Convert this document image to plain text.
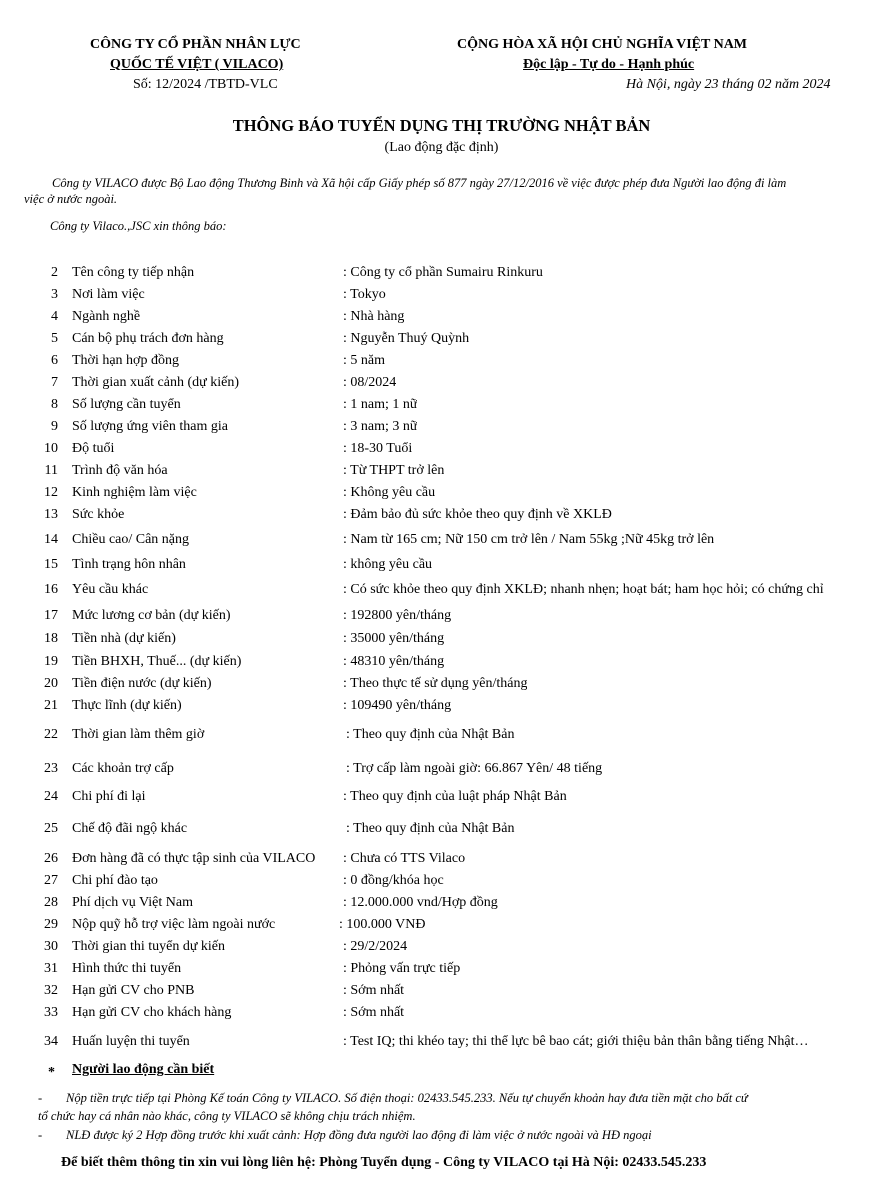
CÔNG TY CỔ PHẦN NHÂN LỰC
QUỐC TẾ VIỆT ( VILACO)
Số: 12/2024 /TBTD-VLC
CỘNG HÒA XÃ HỘI CHỦ NGHĨA VIỆT NAM
Độc lập - Tự do - Hạnh phúc
Hà Nội, ngày 23 tháng 02 năm 2024
THÔNG BÁO TUYỂN DỤNG THỊ TRƯỜNG NHẬT BẢN
(Lao động đặc định)
Công ty VILACO được Bộ Lao động Thương Binh và Xã hội cấp Giấy phép số 877 ngày 27/12/2016 về việc được phép đưa Người lao động đi làm
việc ở nước ngoài.
Công ty Vilaco.,JSC xin thông báo:
2 Tên công ty tiếp nhận	: Công ty cổ phần Sumairu Rinkuru
3 Nơi làm việc	: Tokyo
4 Ngành nghề	: Nhà hàng
5 Cán bộ phụ trách đơn hàng	: Nguyễn Thuý Quỳnh
6 Thời hạn hợp đồng	: 5 năm
7 Thời gian xuất cảnh (dự kiến)	: 08/2024
8 Số lượng cần tuyển	: 1 nam; 1 nữ
9 Số lượng ứng viên tham gia	: 3 nam; 3 nữ
10 Độ tuổi	: 18-30 Tuổi
11 Trình độ văn hóa	: Từ THPT trở lên
12 Kinh nghiệm làm việc	: Không yêu cầu
13 Sức khỏe	: Đảm bảo đủ sức khỏe theo quy định về XKLĐ
14 Chiều cao/ Cân nặng	: Nam từ 165 cm; Nữ 150 cm trở lên / Nam 55kg ;Nữ 45kg trở lên
15 Tình trạng hôn nhân	: không yêu cầu
16 Yêu cầu khác	: Có sức khỏe theo quy định XKLĐ; nhanh nhẹn; hoạt bát; ham học hỏi; có chứng chỉ
17 Mức lương cơ bản (dự kiến)	: 192800 yên/tháng
18 Tiền nhà (dự kiến)	: 35000 yên/tháng
19 Tiền BHXH, Thuế... (dự kiến)	: 48310 yên/tháng
20 Tiền điện nước (dự kiến)	: Theo thực tế sử dụng yên/tháng
21 Thực lĩnh (dự kiến)	: 109490 yên/tháng
22 Thời gian làm thêm giờ	: Theo quy định của Nhật Bản
23 Các khoản trợ cấp	: Trợ cấp làm ngoài giờ: 66.867 Yên/ 48 tiếng
24 Chi phí đi lại	: Theo quy định của luật pháp Nhật Bản
25 Chế độ đãi ngộ khác	: Theo quy định của Nhật Bản
26 Đơn hàng đã có thực tập sinh của VILACO : Chưa có TTS Vilaco
27 Chi phí đào tạo	: 0 đồng/khóa học
28 Phí dịch vụ Việt Nam	: 12.000.000 vnd/Hợp đồng
29 Nộp quỹ hỗ trợ việc làm ngoài nước	: 100.000 VNĐ
30 Thời gian thi tuyển dự kiến	: 29/2/2024
31 Hình thức thi tuyển	: Phỏng vấn trực tiếp
32 Hạn gửi CV cho PNB	: Sớm nhất
33 Hạn gửi CV cho khách hàng	: Sớm nhất
34 Huấn luyện thi tuyển	: Test IQ; thi khéo tay; thi thể lực bê bao cát; giới thiệu bản thân bằng tiếng Nhật…
* Người lao động cần biết
- Nộp tiền trực tiếp tại Phòng Kế toán Công ty VILACO. Số điện thoại: 02433.545.233. Nếu tự chuyển khoản hay đưa tiền mặt cho bất cứ
tổ chức hay cá nhân nào khác, công ty VILACO sẽ không chịu trách nhiệm.
- NLĐ được ký 2 Hợp đồng trước khi xuất cảnh: Hợp đồng đưa người lao động đi làm việc ở nước ngoài và HĐ ngoại
Để biết thêm thông tin xin vui lòng liên hệ: Phòng Tuyển dụng - Công ty VILACO tại Hà Nội: 02433.545.233
